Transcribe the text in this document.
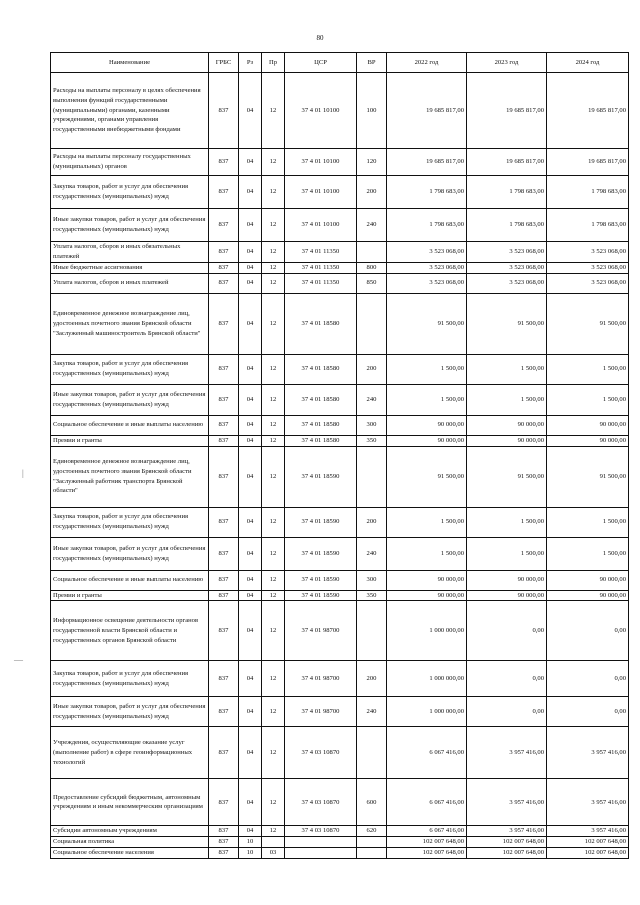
80
|
—
Наименование	ГРБС	Рз	Пр	ЦСР	ВР	2022 год	2023 год	2024 год
Расходы на выплаты персоналу в целях обеспечения выполнения функций государственными (муниципальными) органами, казенными учреждениями, органами управления государственными внебюджетными фондами	837	04	12	37 4 01 10100	100	19 685 817,00	19 685 817,00	19 685 817,00
Расходы на выплаты персоналу государственных (муниципальных) органов	837	04	12	37 4 01 10100	120	19 685 817,00	19 685 817,00	19 685 817,00
Закупка товаров, работ и услуг для обеспечения государственных (муниципальных) нужд	837	04	12	37 4 01 10100	200	1 798 683,00	1 798 683,00	1 798 683,00
Иные закупки товаров, работ и услуг для обеспечения государственных (муниципальных) нужд	837	04	12	37 4 01 10100	240	1 798 683,00	1 798 683,00	1 798 683,00
Уплата налогов, сборов и иных обязательных платежей	837	04	12	37 4 01 11350		3 523 068,00	3 523 068,00	3 523 068,00
Иные бюджетные ассигнования	837	04	12	37 4 01 11350	800	3 523 068,00	3 523 068,00	3 523 068,00
Уплата налогов, сборов и иных платежей	837	04	12	37 4 01 11350	850	3 523 068,00	3 523 068,00	3 523 068,00
Единовременное денежное вознаграждение лиц, удостоенных почетного звания Брянской области "Заслуженный машиностроитель Брянской области"	837	04	12	37 4 01 18580		91 500,00	91 500,00	91 500,00
Закупка товаров, работ и услуг для обеспечения государственных (муниципальных) нужд	837	04	12	37 4 01 18580	200	1 500,00	1 500,00	1 500,00
Иные закупки товаров, работ и услуг для обеспечения государственных (муниципальных) нужд	837	04	12	37 4 01 18580	240	1 500,00	1 500,00	1 500,00
Социальное обеспечение и иные выплаты населению	837	04	12	37 4 01 18580	300	90 000,00	90 000,00	90 000,00
Премии и гранты	837	04	12	37 4 01 18580	350	90 000,00	90 000,00	90 000,00
Единовременное денежное вознаграждение лиц, удостоенных почетного звания Брянской области "Заслуженный работник транспорта Брянской области"	837	04	12	37 4 01 18590		91 500,00	91 500,00	91 500,00
Закупка товаров, работ и услуг для обеспечения государственных (муниципальных) нужд	837	04	12	37 4 01 18590	200	1 500,00	1 500,00	1 500,00
Иные закупки товаров, работ и услуг для обеспечения государственных (муниципальных) нужд	837	04	12	37 4 01 18590	240	1 500,00	1 500,00	1 500,00
Социальное обеспечение и иные выплаты населению	837	04	12	37 4 01 18590	300	90 000,00	90 000,00	90 000,00
Премии и гранты	837	04	12	37 4 01 18590	350	90 000,00	90 000,00	90 000,00
Информационное освещение деятельности органов государственной власти Брянской области и государственных органов Брянской области	837	04	12	37 4 01 98700		1 000 000,00	0,00	0,00
Закупка товаров, работ и услуг для обеспечения государственных (муниципальных) нужд	837	04	12	37 4 01 98700	200	1 000 000,00	0,00	0,00
Иные закупки товаров, работ и услуг для обеспечения государственных (муниципальных) нужд	837	04	12	37 4 01 98700	240	1 000 000,00	0,00	0,00
Учреждения, осуществляющие оказание услуг (выполнение работ) в сфере геоинформационных технологий	837	04	12	37 4 03 10870		6 067 416,00	3 957 416,00	3 957 416,00
Предоставление субсидий бюджетным, автономным учреждениям и иным некоммерческим организациям	837	04	12	37 4 03 10870	600	6 067 416,00	3 957 416,00	3 957 416,00
Субсидии автономным учреждениям	837	04	12	37 4 03 10870	620	6 067 416,00	3 957 416,00	3 957 416,00
Социальная политика	837	10				102 007 648,00	102 007 648,00	102 007 648,00
Социальное обеспечение населения	837	10	03			102 007 648,00	102 007 648,00	102 007 648,00
